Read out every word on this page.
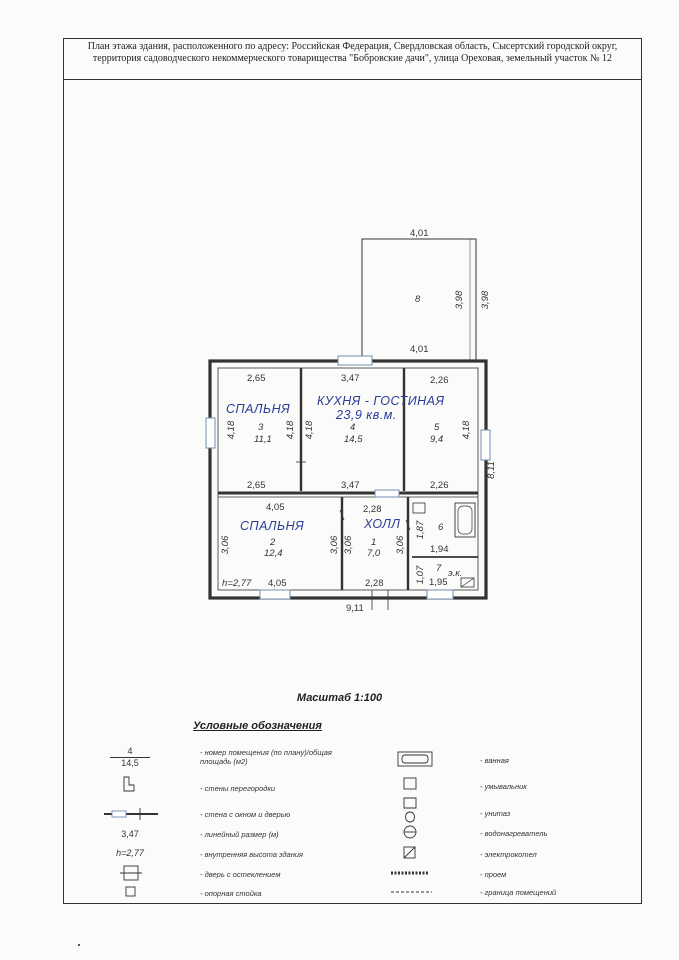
План этажа здания, расположенного по адресу: Российская Федерация, Свердловская область, Сысертский городской округ, территория садоводческого некоммерческого товарищества "Бобровские дачи", улица Ореховая, земельный участок № 12
4,01
3,98 3,98
4,01
2,65	3,47	2,26
4,18	4,18 4,18	4,18
8,11
2,65	3,47	2,26
4,05	2,28
3,06	3,06 3,06	3,06
1,87
1,94
1,07 1,95
h=2,77 4,05	2,28
9,11
8
3
11,1
4
14,5
5
9,4
2
12,4
1
7,0
6
7 э.к.
СПАЛЬНЯ
КУХНЯ - ГОСТИНАЯ
23,9 кв.м.
СПАЛЬНЯ	ХОЛЛ
Масштаб 1:100
Условные обозначения
4
14,5
- номер помещения (по плану)/общая площадь (м2)
- стены перегородки
- стена с окном и дверью
3,47	- линейный размер (м)
h=2,77	- внутренняя высота здания
- дверь с остеклением
- опорная стойка
- ванная
- умывальник
- унитаз
- водонагреватель
- электрокотел
- проем
- граница помещений
